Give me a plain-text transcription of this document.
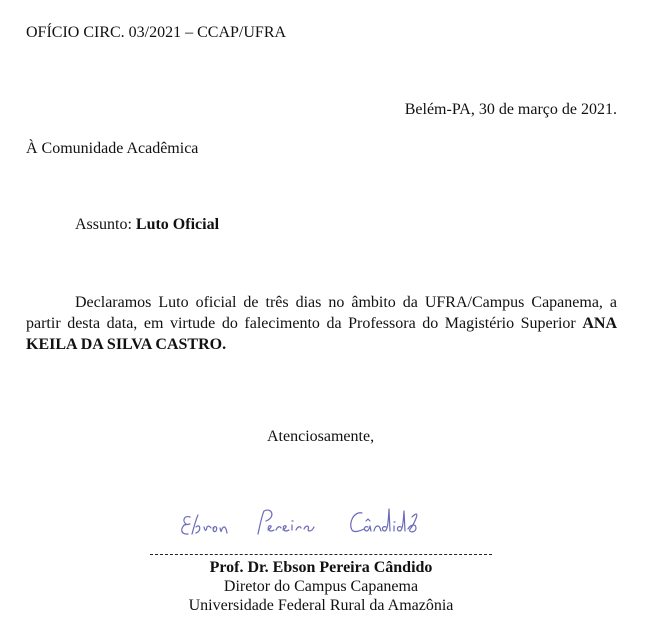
OFÍCIO CIRC. 03/2021 – CCAP/UFRA
Belém-PA, 30 de março de 2021.
À Comunidade Acadêmica
Assunto: Luto Oficial
Declaramos Luto oficial de três dias no âmbito da UFRA/Campus Capanema, a partir desta data, em virtude do falecimento da Professora do Magistério Superior ANA KEILA DA SILVA CASTRO.
Atenciosamente,
Prof. Dr. Ebson Pereira Cândido
Diretor do Campus Capanema
Universidade Federal Rural da Amazônia
